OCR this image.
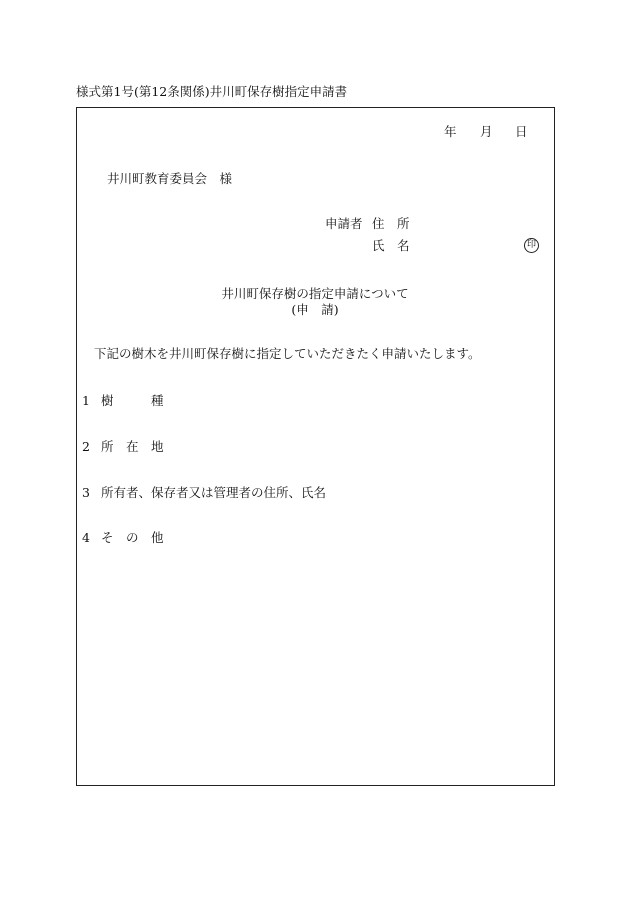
様式第1号(第12条関係)井川町保存樹指定申請書
年 月 日
井川町教育委員会　様
申請者 住　所
氏　名	印
井川町保存樹の指定申請について
(申　請)
下記の樹木を井川町保存樹に指定していただきたく申請いたします。
1 樹　　　種
2 所　在　地
3 所有者、保存者又は管理者の住所、氏名
4 そ　の　他
